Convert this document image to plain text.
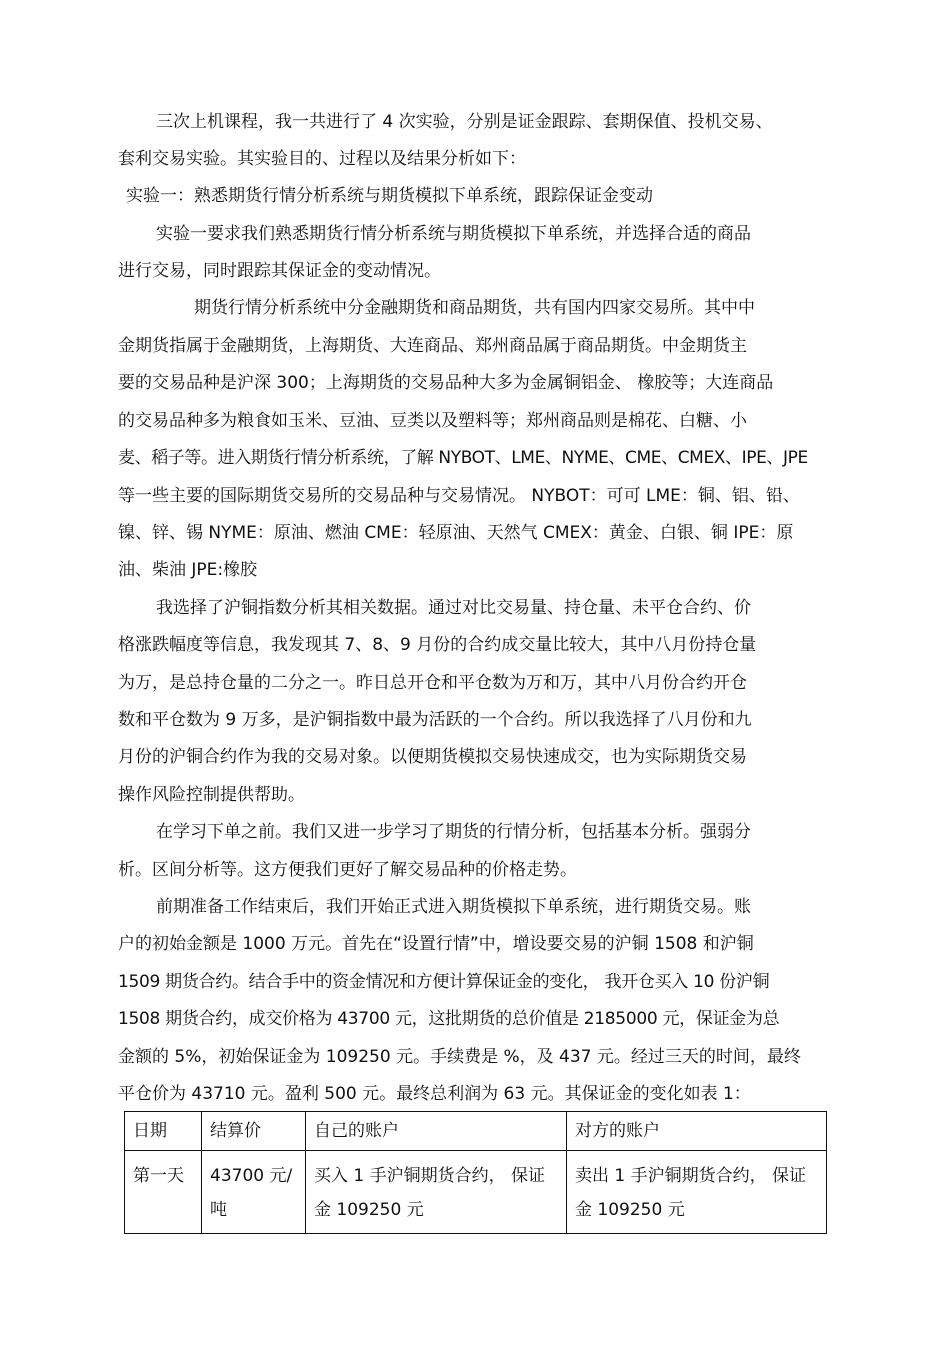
三次上机课程，我一共进行了 4 次实验，分别是证金跟踪、套期保值、投机交易、
套利交易实验。其实验目的、过程以及结果分析如下：
实验一：熟悉期货行情分析系统与期货模拟下单系统，跟踪保证金变动
实验一要求我们熟悉期货行情分析系统与期货模拟下单系统，并选择合适的商品
进行交易，同时跟踪其保证金的变动情况。
期货行情分析系统中分金融期货和商品期货，共有国内四家交易所。其中中
金期货指属于金融期货，上海期货、大连商品、郑州商品属于商品期货。中金期货主
要的交易品种是沪深 300；上海期货的交易品种大多为金属铜铝金、 橡胶等；大连商品
的交易品种多为粮食如玉米、豆油、豆类以及塑料等；郑州商品则是棉花、白糖、小
麦、稻子等。进入期货行情分析系统，了解 NYBOT、LME、NYME、CME、CMEX、IPE、JPE
等一些主要的国际期货交易所的交易品种与交易情况。 NYBOT：可可 LME：铜、铝、铅、
镍、锌、锡 NYME：原油、燃油 CME：轻原油、天然气 CMEX：黄金、白银、铜 IPE：原
油、柴油 JPE:橡胶
我选择了沪铜指数分析其相关数据。通过对比交易量、持仓量、未平仓合约、价
格涨跌幅度等信息，我发现其 7、8、9 月份的合约成交量比较大，其中八月份持仓量
为万，是总持仓量的二分之一。昨日总开仓和平仓数为万和万，其中八月份合约开仓
数和平仓数为 9 万多，是沪铜指数中最为活跃的一个合约。所以我选择了八月份和九
月份的沪铜合约作为我的交易对象。以便期货模拟交易快速成交，也为实际期货交易
操作风险控制提供帮助。
在学习下单之前。我们又进一步学习了期货的行情分析，包括基本分析。强弱分
析。区间分析等。这方便我们更好了解交易品种的价格走势。
前期准备工作结束后，我们开始正式进入期货模拟下单系统，进行期货交易。账
户的初始金额是 1000 万元。首先在“设置行情”中，增设要交易的沪铜 1508 和沪铜
1509 期货合约。结合手中的资金情况和方便计算保证金的变化， 我开仓买入 10 份沪铜
1508 期货合约，成交价格为 43700 元，这批期货的总价值是 2185000 元，保证金为总
金额的 5%，初始保证金为 109250 元。手续费是 %，及 437 元。经过三天的时间，最终
平仓价为 43710 元。盈利 500 元。最终总利润为 63 元。其保证金的变化如表 1：
日期	结算价	自己的账户	对方的账户
第一天	43700 元/吨	买入 1 手沪铜期货合约， 保证金 109250 元	卖出 1 手沪铜期货合约， 保证金 109250 元
